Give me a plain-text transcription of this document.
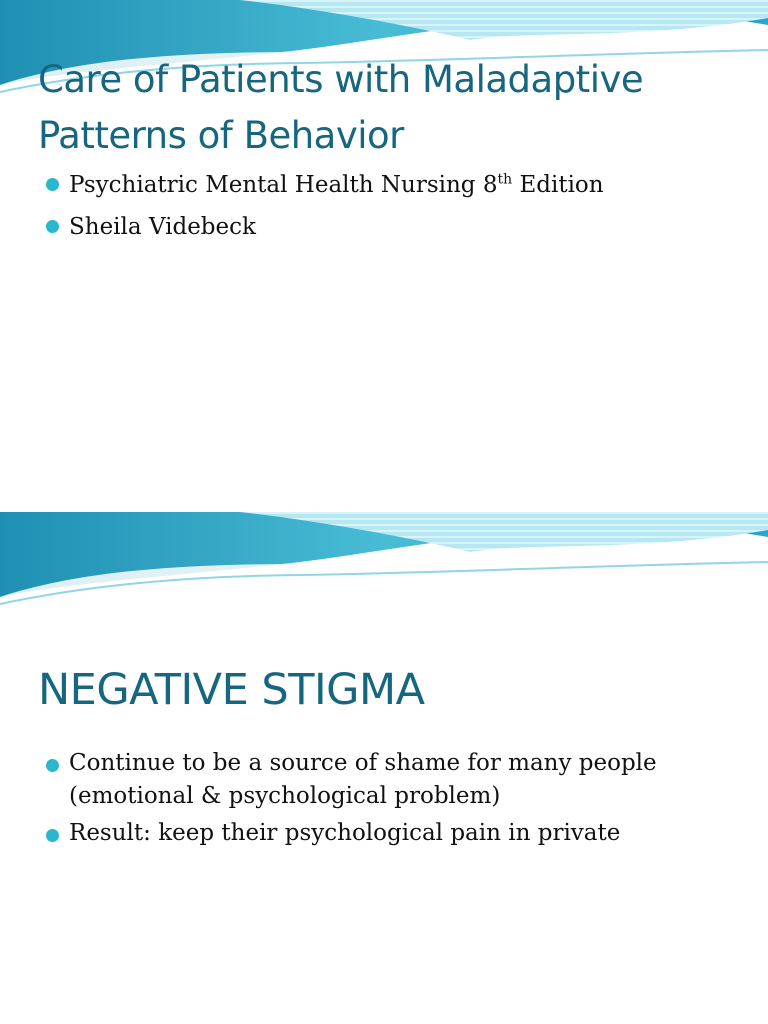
Care of Patients with Maladaptive Patterns of Behavior
Psychiatric Mental Health Nursing 8th Edition
Sheila Videbeck
NEGATIVE STIGMA
Continue to be a source of shame for many people (emotional & psychological problem)
Result: keep their psychological pain in private
